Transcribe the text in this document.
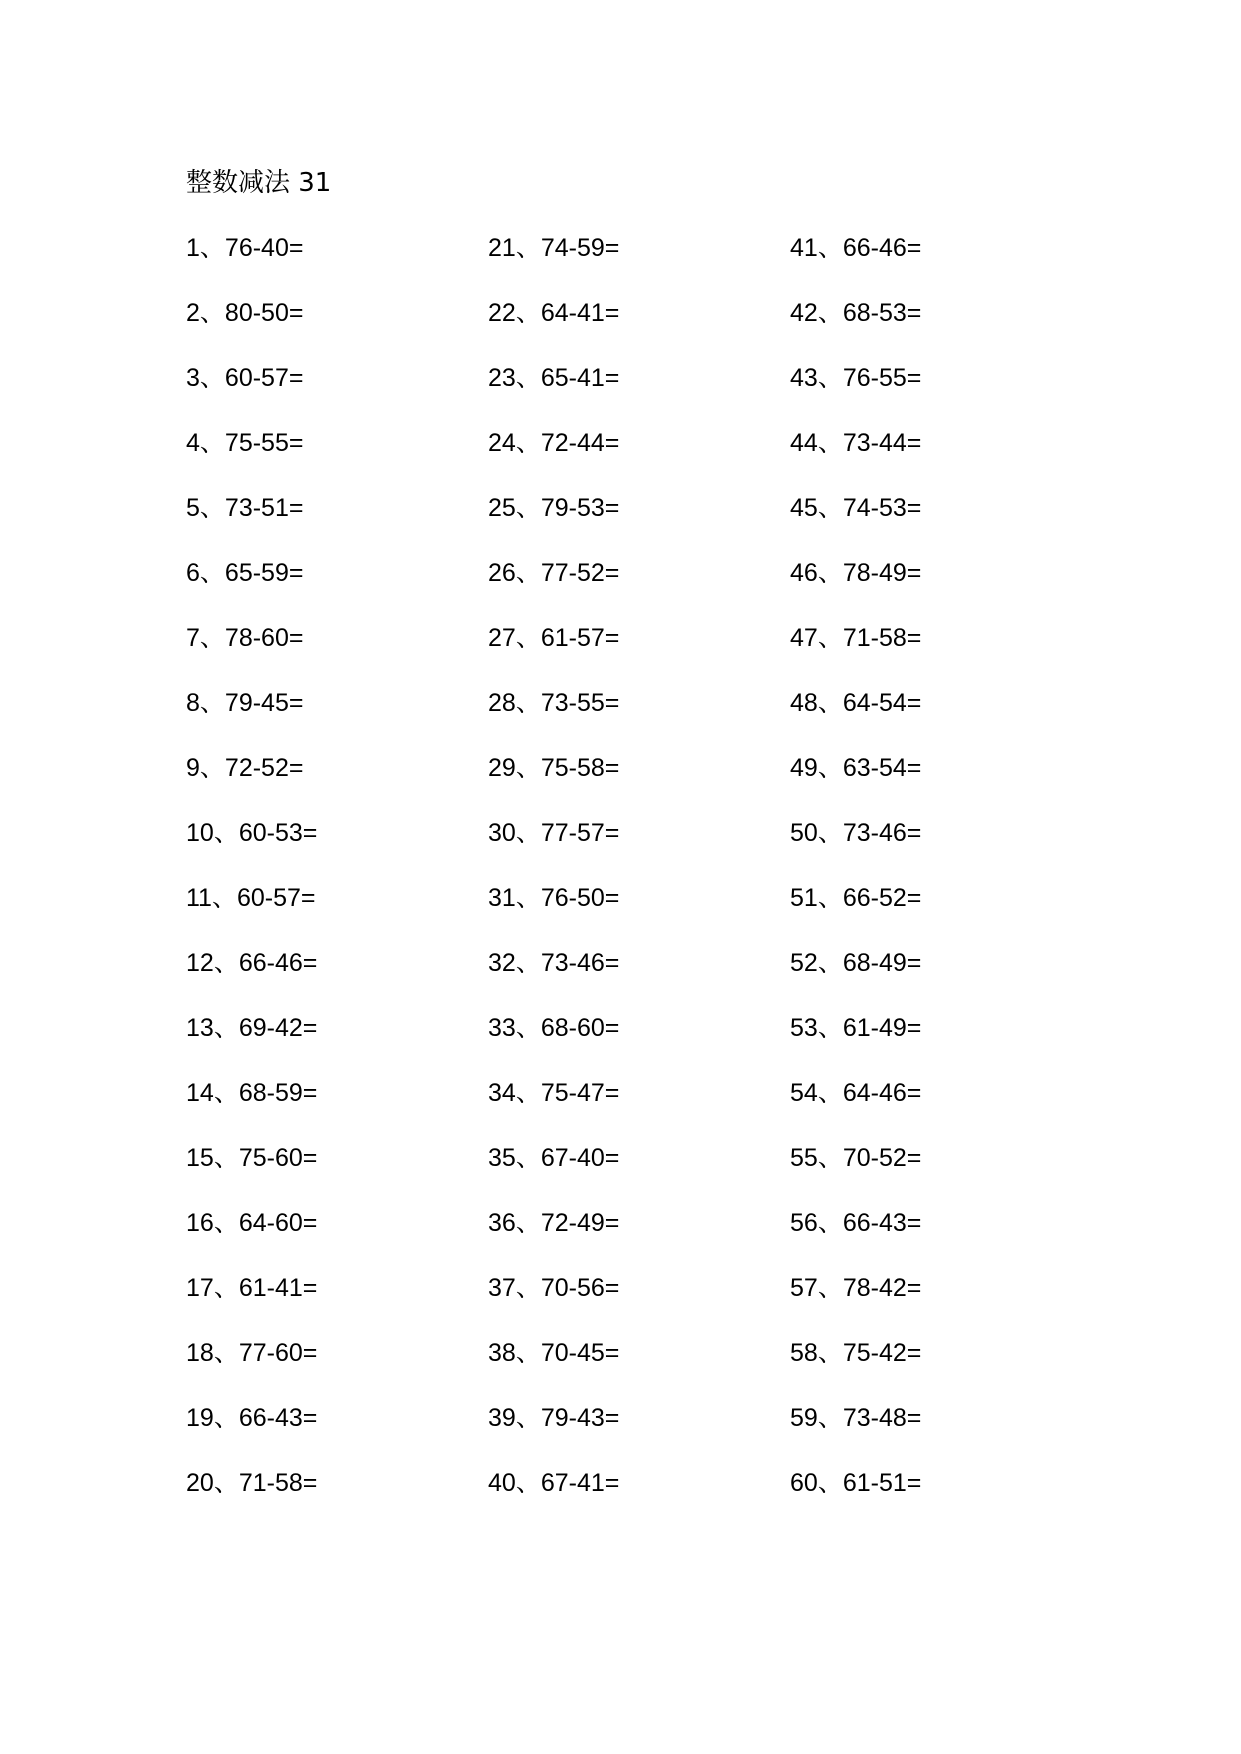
整数减法 31
1、76-40=
2、80-50=
3、60-57=
4、75-55=
5、73-51=
6、65-59=
7、78-60=
8、79-45=
9、72-52=
10、60-53=
11、60-57=
12、66-46=
13、69-42=
14、68-59=
15、75-60=
16、64-60=
17、61-41=
18、77-60=
19、66-43=
20、71-58=
21、74-59=
22、64-41=
23、65-41=
24、72-44=
25、79-53=
26、77-52=
27、61-57=
28、73-55=
29、75-58=
30、77-57=
31、76-50=
32、73-46=
33、68-60=
34、75-47=
35、67-40=
36、72-49=
37、70-56=
38、70-45=
39、79-43=
40、67-41=
41、66-46=
42、68-53=
43、76-55=
44、73-44=
45、74-53=
46、78-49=
47、71-58=
48、64-54=
49、63-54=
50、73-46=
51、66-52=
52、68-49=
53、61-49=
54、64-46=
55、70-52=
56、66-43=
57、78-42=
58、75-42=
59、73-48=
60、61-51=
